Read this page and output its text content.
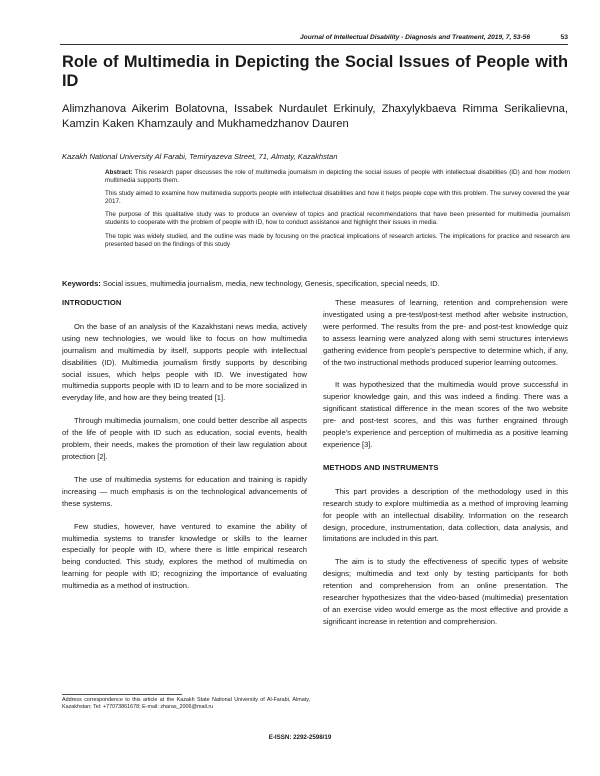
Journal of Intellectual Disability - Diagnosis and Treatment, 2019, 7, 53-56	53
Role of Multimedia in Depicting the Social Issues of People with ID
Alimzhanova Aikerim Bolatovna, Issabek Nurdaulet Erkinuly, Zhaxylykbaeva Rimma Serikalievna, Kamzin Kaken Khamzauly and Mukhamedzhanov Dauren
Kazakh National University Al Farabi, Temiryazeva Street, 71, Almaty, Kazakhstan

Abstract: This research paper discusses the role of multimedia journalism in depicting the social issues of people with intellectual disabilities (ID) and how modern multimedia supports them.

This study aimed to examine how multimedia supports people with intellectual disabilities and how it helps people cope with this problem. The survey covered the year 2017.

The purpose of this qualitative study was to produce an overview of topics and practical recommendations that have been presented for multimedia journalism students to cooperate with the problem of people with ID, how to conduct assistance and highlight their issues in media.

The topic was widely studied, and the outline was made by focusing on the practical implications of research articles. The implications for practice and research are presented based on the findings of this study

Keywords: Social issues, multimedia journalism, media, new technology, Genesis, specification, special needs, ID.
INTRODUCTION

On the base of an analysis of the Kazakhstani news media, actively using new technologies, we would like to focus on how multimedia journalism and multimedia by itself, supports people with intellectual disabilities (ID). Multimedia journalism firstly supports by describing social issues, which helps people with ID. We investigated how multimedia supports people with ID to learn and to be more socialized in everyday life, and how are they being treated [1].

Through multimedia journalism, one could better describe all aspects of the life of people with ID such as education, social events, health problem, their needs, makes the promotion of their law regulation about protection [2].

The use of multimedia systems for education and training is rapidly increasing — much emphasis is on the technological advancements of these systems.

Few studies, however, have ventured to examine the ability of multimedia systems to transfer knowledge or skills to the learner especially for people with ID, where there is little empirical research being conducted. This study, explores the method of multimedia on learning for people with ID; recognizing the importance of evaluating multimedia as a method of instruction.

These measures of learning, retention and comprehension were investigated using a pre-test/post-test method after website instruction, were performed. The results from the pre- and post-test knowledge quiz to assess learning were analyzed along with semi structures interviews gathering evidence from people’s perspective to determine which, if any, of the two instructional methods produced superior learning outcomes.

It was hypothesized that the multimedia would prove successful in superior knowledge gain, and this was indeed a finding. There was a significant statistical difference in the mean scores of the two website pre- and post-test scores, and this was further engrained through people’s experience and perception of multimedia as a positive learning experience [3].

METHODS AND INSTRUMENTS

This part provides a description of the methodology used in this research study to explore multimedia as a method of improving learning for people with an intellectual disability. Information on the research design, procedure, instrumentation, data collection, data analysis, and limitations are included in this part.

The aim is to study the effectiveness of specific types of website designs; multimedia and text only by testing participants for both retention and comprehension from an online presentation. The researcher hypothesizes that the video-based (multimedia) presentation of an exercise video would emerge as the most effective and provide a significant increase in retention and comprehension.

Address correspondence to this article at the Kazakh State National University of Al-Farabi, Almaty, Kazakhstan; Tel: +77073861678; E-mail: zharas_2006@mail.ru
E-ISSN: 2292-2598/19
